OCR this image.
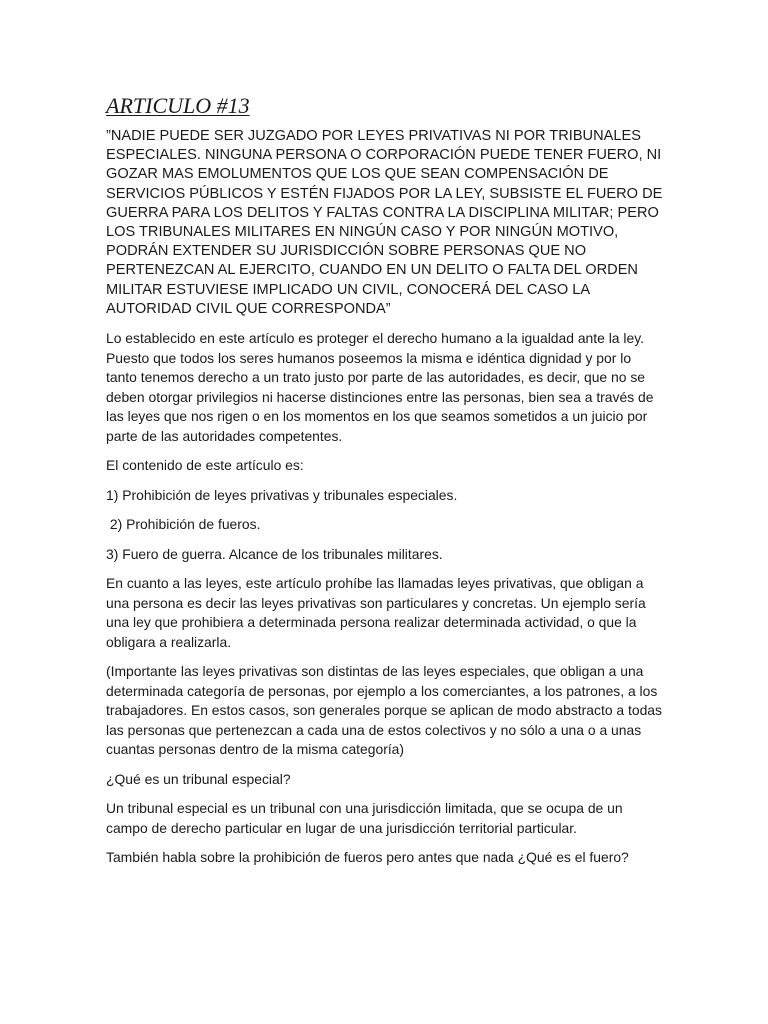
ARTICULO #13

”NADIE PUEDE SER JUZGADO POR LEYES PRIVATIVAS NI POR TRIBUNALES ESPECIALES. NINGUNA PERSONA O CORPORACIÓN PUEDE TENER FUERO, NI GOZAR MAS EMOLUMENTOS QUE LOS QUE SEAN COMPENSACIÓN DE SERVICIOS PÚBLICOS Y ESTÉN FIJADOS POR LA LEY, SUBSISTE EL FUERO DE GUERRA PARA LOS DELITOS Y FALTAS CONTRA LA DISCIPLINA MILITAR; PERO LOS TRIBUNALES MILITARES EN NINGÚN CASO Y POR NINGÚN MOTIVO, PODRÁN EXTENDER SU JURISDICCIÓN SOBRE PERSONAS QUE NO PERTENEZCAN AL EJERCITO, CUANDO EN UN DELITO O FALTA DEL ORDEN MILITAR ESTUVIESE IMPLICADO UN CIVIL, CONOCERÁ DEL CASO LA AUTORIDAD CIVIL QUE CORRESPONDA”

Lo establecido en este artículo es proteger el derecho humano a la igualdad ante la ley. Puesto que todos los seres humanos poseemos la misma e idéntica dignidad y por lo tanto tenemos derecho a un trato justo por parte de las autoridades, es decir, que no se deben otorgar privilegios ni hacerse distinciones entre las personas, bien sea a través de las leyes que nos rigen o en los momentos en los que seamos sometidos a un juicio por parte de las autoridades competentes.

El contenido de este artículo es:

1) Prohibición de leyes privativas y tribunales especiales.

2) Prohibición de fueros.

3) Fuero de guerra. Alcance de los tribunales militares.

En cuanto a las leyes, este artículo prohíbe las llamadas leyes privativas, que obligan a una persona es decir las leyes privativas son particulares y concretas. Un ejemplo sería una ley que prohibiera a determinada persona realizar determinada actividad, o que la obligara a realizarla.

(Importante las leyes privativas son distintas de las leyes especiales, que obligan a una determinada categoría de personas, por ejemplo a los comerciantes, a los patrones, a los trabajadores. En estos casos, son generales porque se aplican de modo abstracto a todas las personas que pertenezcan a cada una de estos colectivos y no sólo a una o a unas cuantas personas dentro de la misma categoría)

¿Qué es un tribunal especial?

Un tribunal especial es un tribunal con una jurisdicción limitada, que se ocupa de un campo de derecho particular en lugar de una jurisdicción territorial particular.

También habla sobre la prohibición de fueros pero antes que nada ¿Qué es el fuero?
